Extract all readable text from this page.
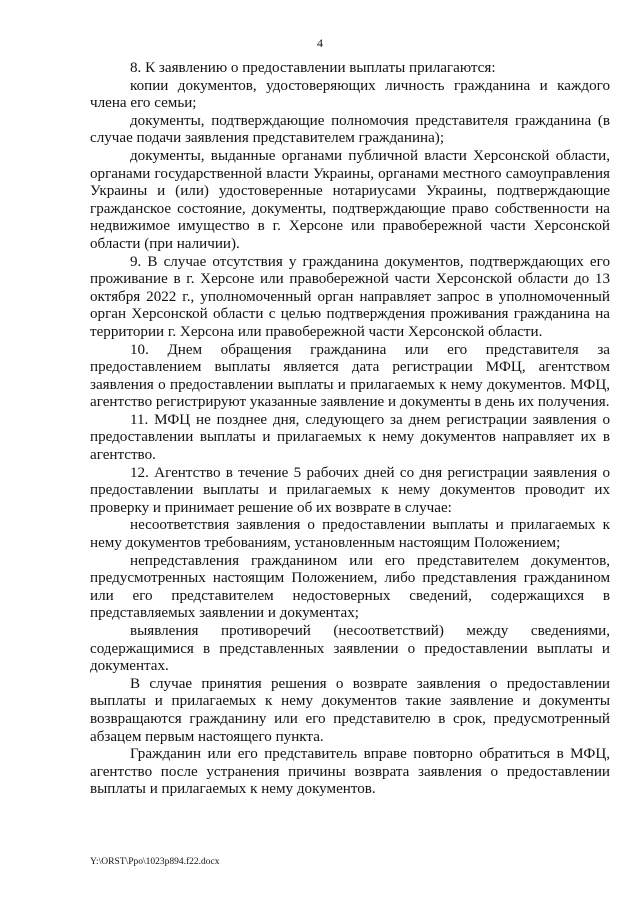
4

8. К заявлению о предоставлении выплаты прилагаются:

копии документов, удостоверяющих личность гражданина и каждого члена его семьи;

документы, подтверждающие полномочия представителя гражданина (в случае подачи заявления представителем гражданина);

документы, выданные органами публичной власти Херсонской области, органами государственной власти Украины, органами местного самоуправления Украины и (или) удостоверенные нотариусами Украины, подтверждающие гражданское состояние, документы, подтверждающие право собственности на недвижимое имущество в г. Херсоне или правобережной части Херсонской области (при наличии).

9. В случае отсутствия у гражданина документов, подтверждающих его проживание в г. Херсоне или правобережной части Херсонской области до 13 октября 2022 г., уполномоченный орган направляет запрос в уполномоченный орган Херсонской области с целью подтверждения проживания гражданина на территории г. Херсона или правобережной части Херсонской области.

10. Днем обращения гражданина или его представителя за предоставлением выплаты является дата регистрации МФЦ, агентством заявления о предоставлении выплаты и прилагаемых к нему документов. МФЦ, агентство регистрируют указанные заявление и документы в день их получения.

11. МФЦ не позднее дня, следующего за днем регистрации заявления о предоставлении выплаты и прилагаемых к нему документов направляет их в агентство.

12. Агентство в течение 5 рабочих дней со дня регистрации заявления о предоставлении выплаты и прилагаемых к нему документов проводит их проверку и принимает решение об их возврате в случае:

несоответствия заявления о предоставлении выплаты и прилагаемых к нему документов требованиям, установленным настоящим Положением;

непредставления гражданином или его представителем документов, предусмотренных настоящим Положением, либо представления гражданином или его представителем недостоверных сведений, содержащихся в представляемых заявлении и документах;

выявления противоречий (несоответствий) между сведениями, содержащимися в представленных заявлении о предоставлении выплаты и документах.

В случае принятия решения о возврате заявления о предоставлении выплаты и прилагаемых к нему документов такие заявление и документы возвращаются гражданину или его представителю в срок, предусмотренный абзацем первым настоящего пункта.

Гражданин или его представитель вправе повторно обратиться в МФЦ, агентство после устранения причины возврата заявления о предоставлении выплаты и прилагаемых к нему документов.

Y:\ORST\Ppo\1023p894.f22.docx
